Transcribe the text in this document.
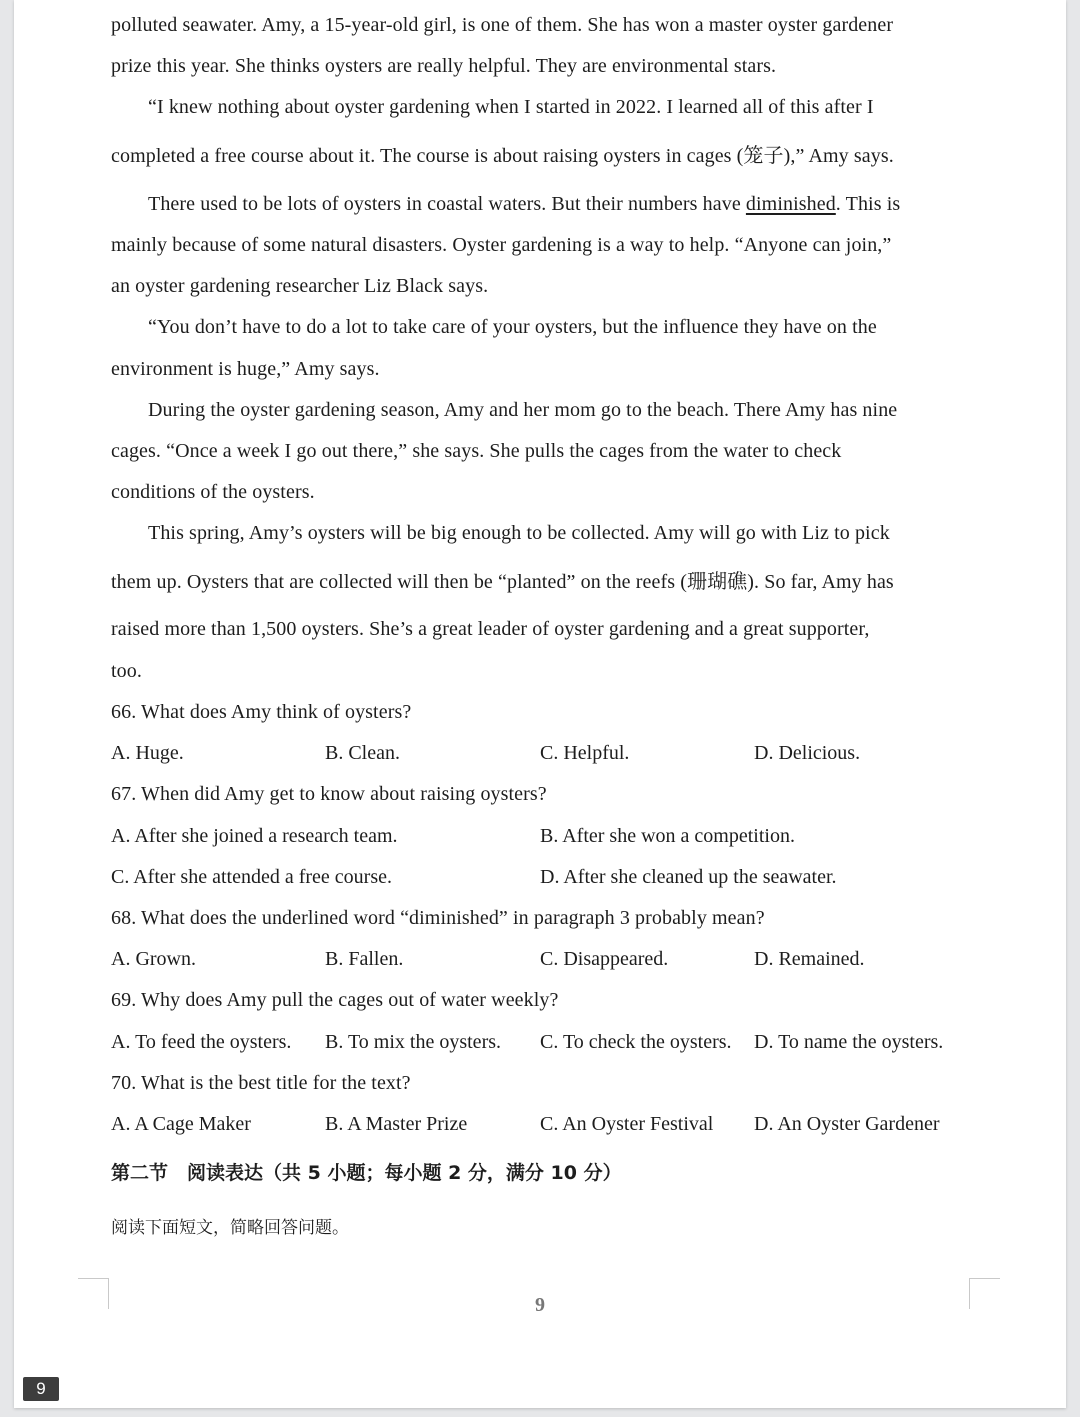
polluted seawater. Amy, a 15-year-old girl, is one of them. She has won a master oyster gardener
prize this year. She thinks oysters are really helpful. They are environmental stars.
“I knew nothing about oyster gardening when I started in 2022. I learned all of this after I
completed a free course about it. The course is about raising oysters in cages (笼子),” Amy says.
There used to be lots of oysters in coastal waters. But their numbers have diminished. This is
mainly because of some natural disasters. Oyster gardening is a way to help. “Anyone can join,”
an oyster gardening researcher Liz Black says.
“You don’t have to do a lot to take care of your oysters, but the influence they have on the
environment is huge,” Amy says.
During the oyster gardening season, Amy and her mom go to the beach. There Amy has nine
cages. “Once a week I go out there,” she says. She pulls the cages from the water to check
conditions of the oysters.
This spring, Amy’s oysters will be big enough to be collected. Amy will go with Liz to pick
them up. Oysters that are collected will then be “planted” on the reefs (珊瑚礁). So far, Amy has
raised more than 1,500 oysters. She’s a great leader of oyster gardening and a great supporter,
too.
66. What does Amy think of oysters?
A. Huge.	B. Clean.	C. Helpful.	D. Delicious.
67. When did Amy get to know about raising oysters?
A. After she joined a research team.	B. After she won a competition.
C. After she attended a free course.	D. After she cleaned up the seawater.
68. What does the underlined word “diminished” in paragraph 3 probably mean?
A. Grown.	B. Fallen.	C. Disappeared.	D. Remained.
69. Why does Amy pull the cages out of water weekly?
A. To feed the oysters. B. To mix the oysters. C. To check the oysters. D. To name the oysters.
70. What is the best title for the text?
A. A Cage Maker	B. A Master Prize	C. An Oyster Festival D. An Oyster Gardener
第二节　阅读表达（共 5 小题；每小题 2 分，满分 10 分）
阅读下面短文，简略回答问题。
9
9
